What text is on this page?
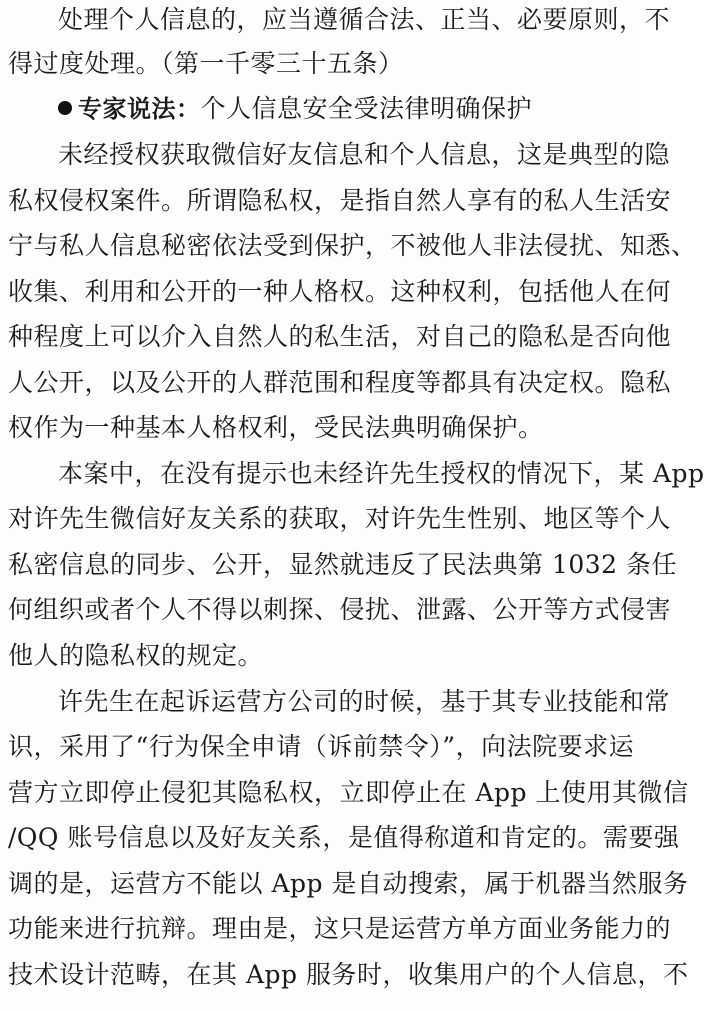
处理个人信息的，应当遵循合法、正当、必要原则，不
得过度处理。（第一千零三十五条）
专家说法：个人信息安全受法律明确保护
未经授权获取微信好友信息和个人信息，这是典型的隐
私权侵权案件。所谓隐私权，是指自然人享有的私人生活安
宁与私人信息秘密依法受到保护，不被他人非法侵扰、知悉、
收集、利用和公开的一种人格权。这种权利，包括他人在何
种程度上可以介入自然人的私生活，对自己的隐私是否向他
人公开，以及公开的人群范围和程度等都具有决定权。隐私
权作为一种基本人格权利，受民法典明确保护。
本案中，在没有提示也未经许先生授权的情况下，某 App
对许先生微信好友关系的获取，对许先生性别、地区等个人
私密信息的同步、公开，显然就违反了民法典第 1032 条任
何组织或者个人不得以刺探、侵扰、泄露、公开等方式侵害
他人的隐私权的规定。
许先生在起诉运营方公司的时候，基于其专业技能和常
识，采用了“行为保全申请（诉前禁令）”，向法院要求运
营方立即停止侵犯其隐私权，立即停止在 App 上使用其微信
/QQ 账号信息以及好友关系，是值得称道和肯定的。需要强
调的是，运营方不能以 App 是自动搜索，属于机器当然服务
功能来进行抗辩。理由是，这只是运营方单方面业务能力的
技术设计范畴，在其 App 服务时，收集用户的个人信息，不
